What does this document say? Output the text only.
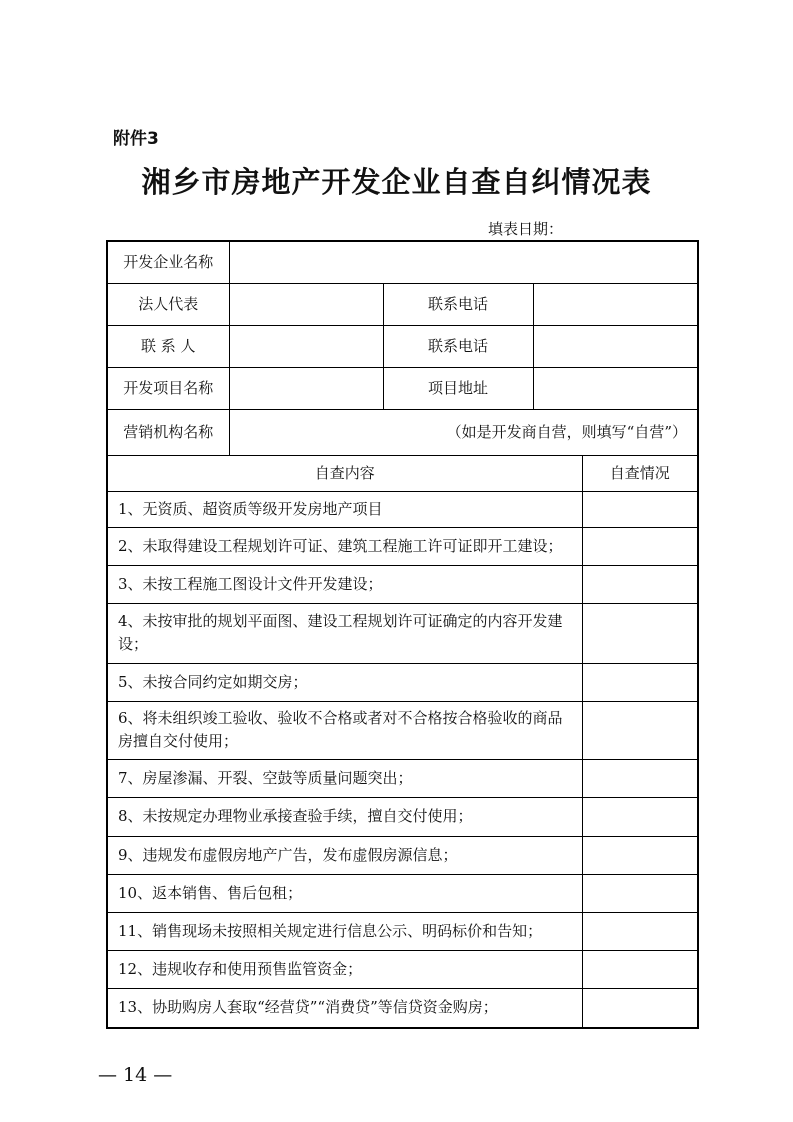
附件3
湘乡市房地产开发企业自查自纠情况表
填表日期：
开发企业名称				
法人代表		联系电话		
联 系 人		联系电话		
开发项目名称		项目地址		
营销机构名称	（如是开发商自营，则填写“自营”）			
自查内容				自查情况
1、无资质、超资质等级开发房地产项目				
2、未取得建设工程规划许可证、建筑工程施工许可证即开工建设；				
3、未按工程施工图设计文件开发建设；				
4、未按审批的规划平面图、建设工程规划许可证确定的内容开发建设；				
5、未按合同约定如期交房；				
6、将未组织竣工验收、验收不合格或者对不合格按合格验收的商品房擅自交付使用；				
7、房屋渗漏、开裂、空鼓等质量问题突出；				
8、未按规定办理物业承接查验手续，擅自交付使用；				
9、违规发布虚假房地产广告，发布虚假房源信息；				
10、返本销售、售后包租；				
11、销售现场未按照相关规定进行信息公示、明码标价和告知；				
12、违规收存和使用预售监管资金；				
13、协助购房人套取“经营贷”“消费贷”等信贷资金购房；				
— 14 —
